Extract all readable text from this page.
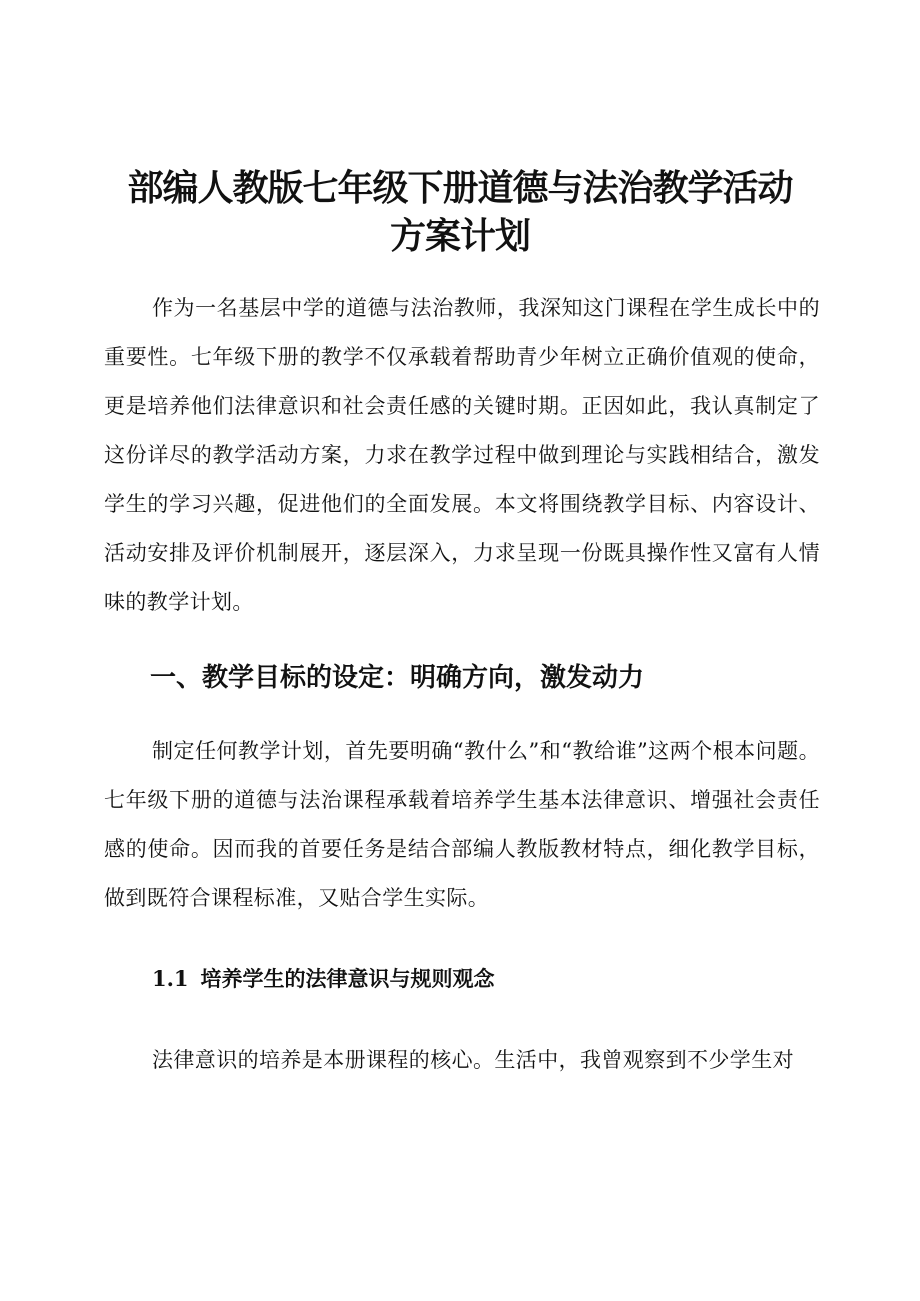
部编人教版七年级下册道德与法治教学活动
方案计划

作为一名基层中学的道德与法治教师，我深知这门课程在学生成长中的重要性。七年级下册的教学不仅承载着帮助青少年树立正确价值观的使命，更是培养他们法律意识和社会责任感的关键时期。正因如此，我认真制定了这份详尽的教学活动方案，力求在教学过程中做到理论与实践相结合，激发学生的学习兴趣，促进他们的全面发展。本文将围绕教学目标、内容设计、活动安排及评价机制展开，逐层深入，力求呈现一份既具操作性又富有人情味的教学计划。

一、教学目标的设定：明确方向，激发动力

制定任何教学计划，首先要明确“教什么”和“教给谁”这两个根本问题。七年级下册的道德与法治课程承载着培养学生基本法律意识、增强社会责任感的使命。因而我的首要任务是结合部编人教版教材特点，细化教学目标，做到既符合课程标准，又贴合学生实际。

1.1 培养学生的法律意识与规则观念

法律意识的培养是本册课程的核心。生活中，我曾观察到不少学生对
